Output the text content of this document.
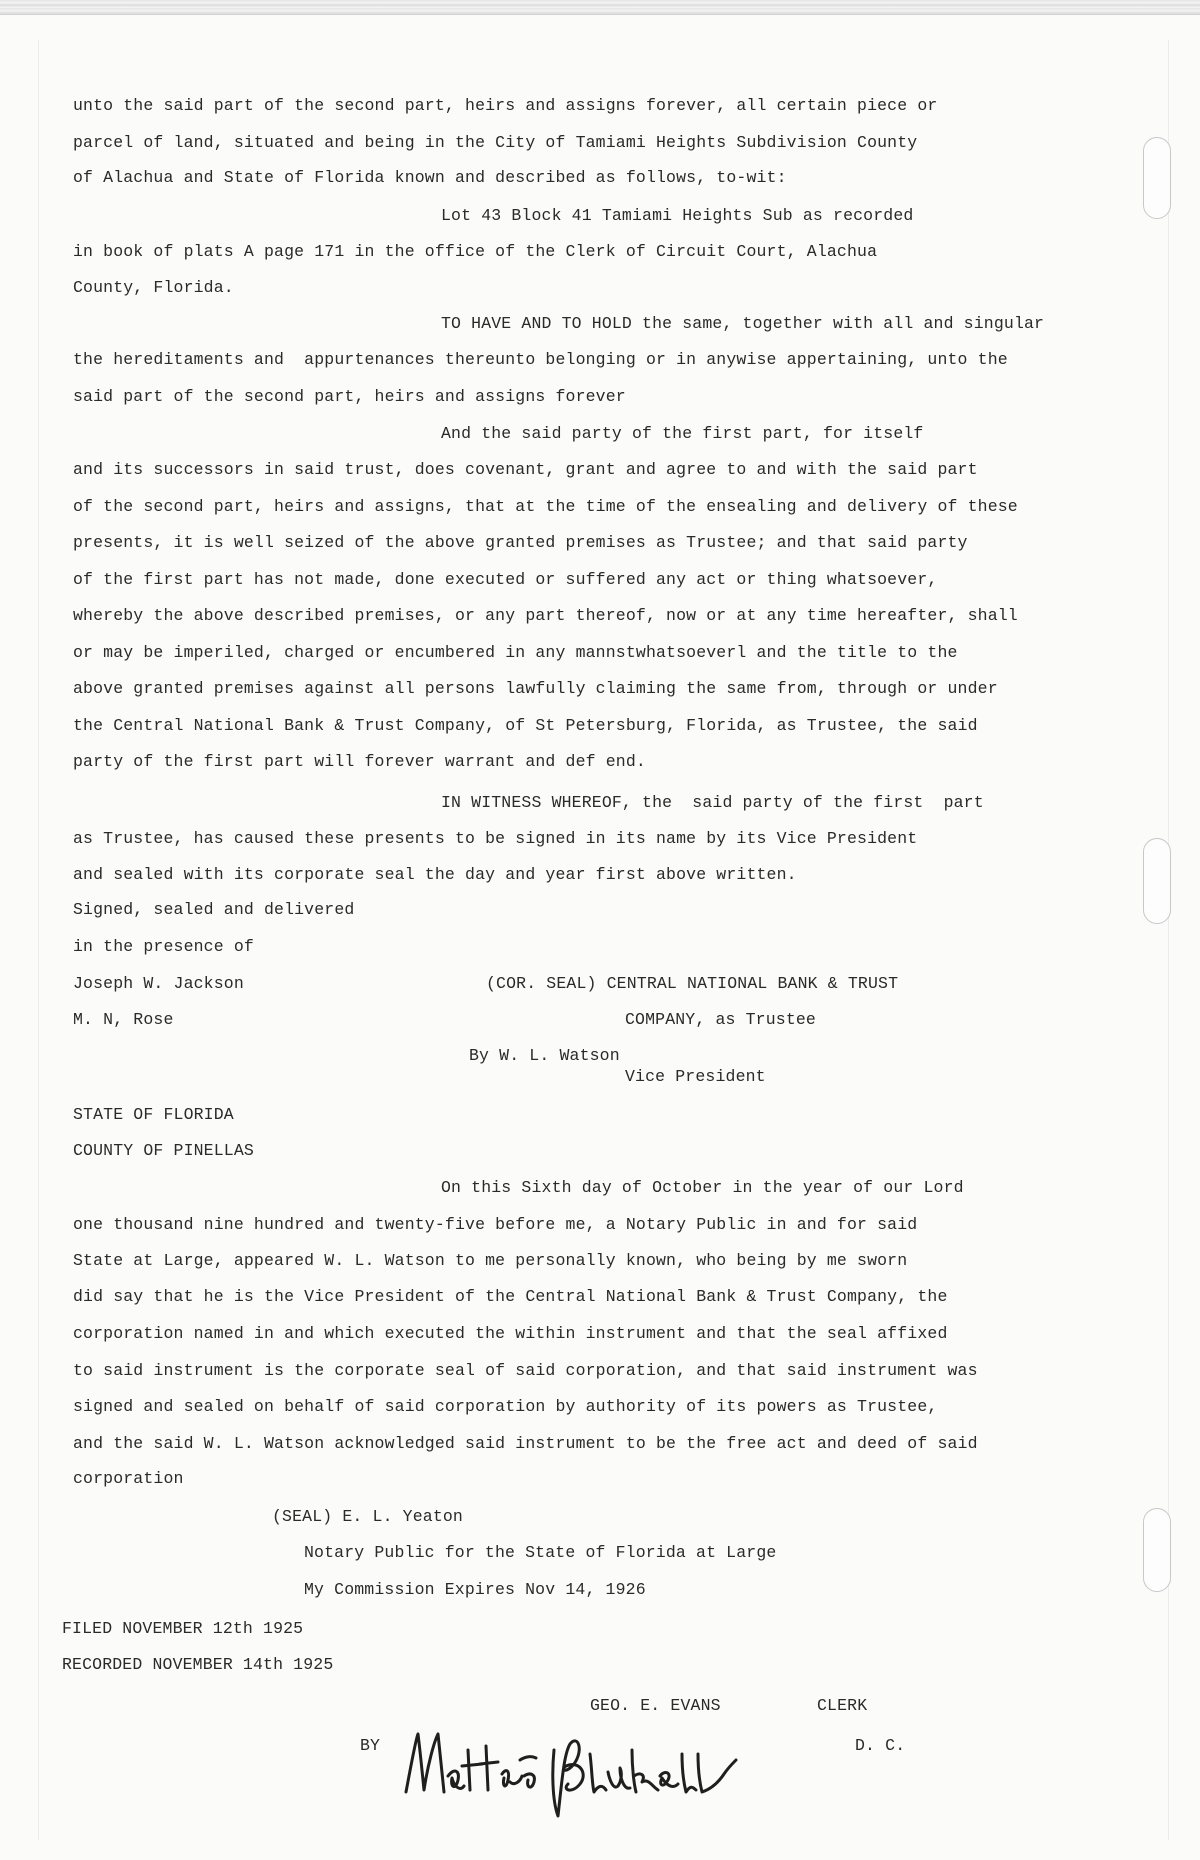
unto the said part of the second part, heirs and assigns forever, all certain piece or
parcel of land, situated and being in the City of Tamiami Heights Subdivision County
of Alachua and State of Florida known and described as follows, to-wit:
Lot 43 Block 41 Tamiami Heights Sub as recorded
in book of plats A page 171 in the office of the Clerk of Circuit Court, Alachua
County, Florida.
TO HAVE AND TO HOLD the same, together with all and singular
the hereditaments and  appurtenances thereunto belonging or in anywise appertaining, unto the
said part of the second part, heirs and assigns forever
And the said party of the first part, for itself
and its successors in said trust, does covenant, grant and agree to and with the said part
of the second part, heirs and assigns, that at the time of the ensealing and delivery of these
presents, it is well seized of the above granted premises as Trustee; and that said party
of the first part has not made, done executed or suffered any act or thing whatsoever,
whereby the above described premises, or any part thereof, now or at any time hereafter, shall
or may be imperiled, charged or encumbered in any mannstwhatsoeverl and the title to the
above granted premises against all persons lawfully claiming the same from, through or under
the Central National Bank & Trust Company, of St Petersburg, Florida, as Trustee, the said
party of the first part will forever warrant and def end.
IN WITNESS WHEREOF, the  said party of the first  part
as Trustee, has caused these presents to be signed in its name by its Vice President
and sealed with its corporate seal the day and year first above written.
Signed, sealed and delivered
in the presence of
Joseph W. Jackson	(COR. SEAL) CENTRAL NATIONAL BANK & TRUST
M. N, Rose	COMPANY, as Trustee
By W. L. Watson
Vice President
STATE OF FLORIDA
COUNTY OF PINELLAS
On this Sixth day of October in the year of our Lord
one thousand nine hundred and twenty-five before me, a Notary Public in and for said
State at Large, appeared W. L. Watson to me personally known, who being by me sworn
did say that he is the Vice President of the Central National Bank & Trust Company, the
corporation named in and which executed the within instrument and that the seal affixed
to said instrument is the corporate seal of said corporation, and that said instrument was
signed and sealed on behalf of said corporation by authority of its powers as Trustee,
and the said W. L. Watson acknowledged said instrument to be the free act and deed of said
corporation
(SEAL) E. L. Yeaton
Notary Public for the State of Florida at Large
My Commission Expires Nov 14, 1926
FILED NOVEMBER 12th 1925
RECORDED NOVEMBER 14th 1925
GEO. E. EVANS	CLERK
BY	D. C.
